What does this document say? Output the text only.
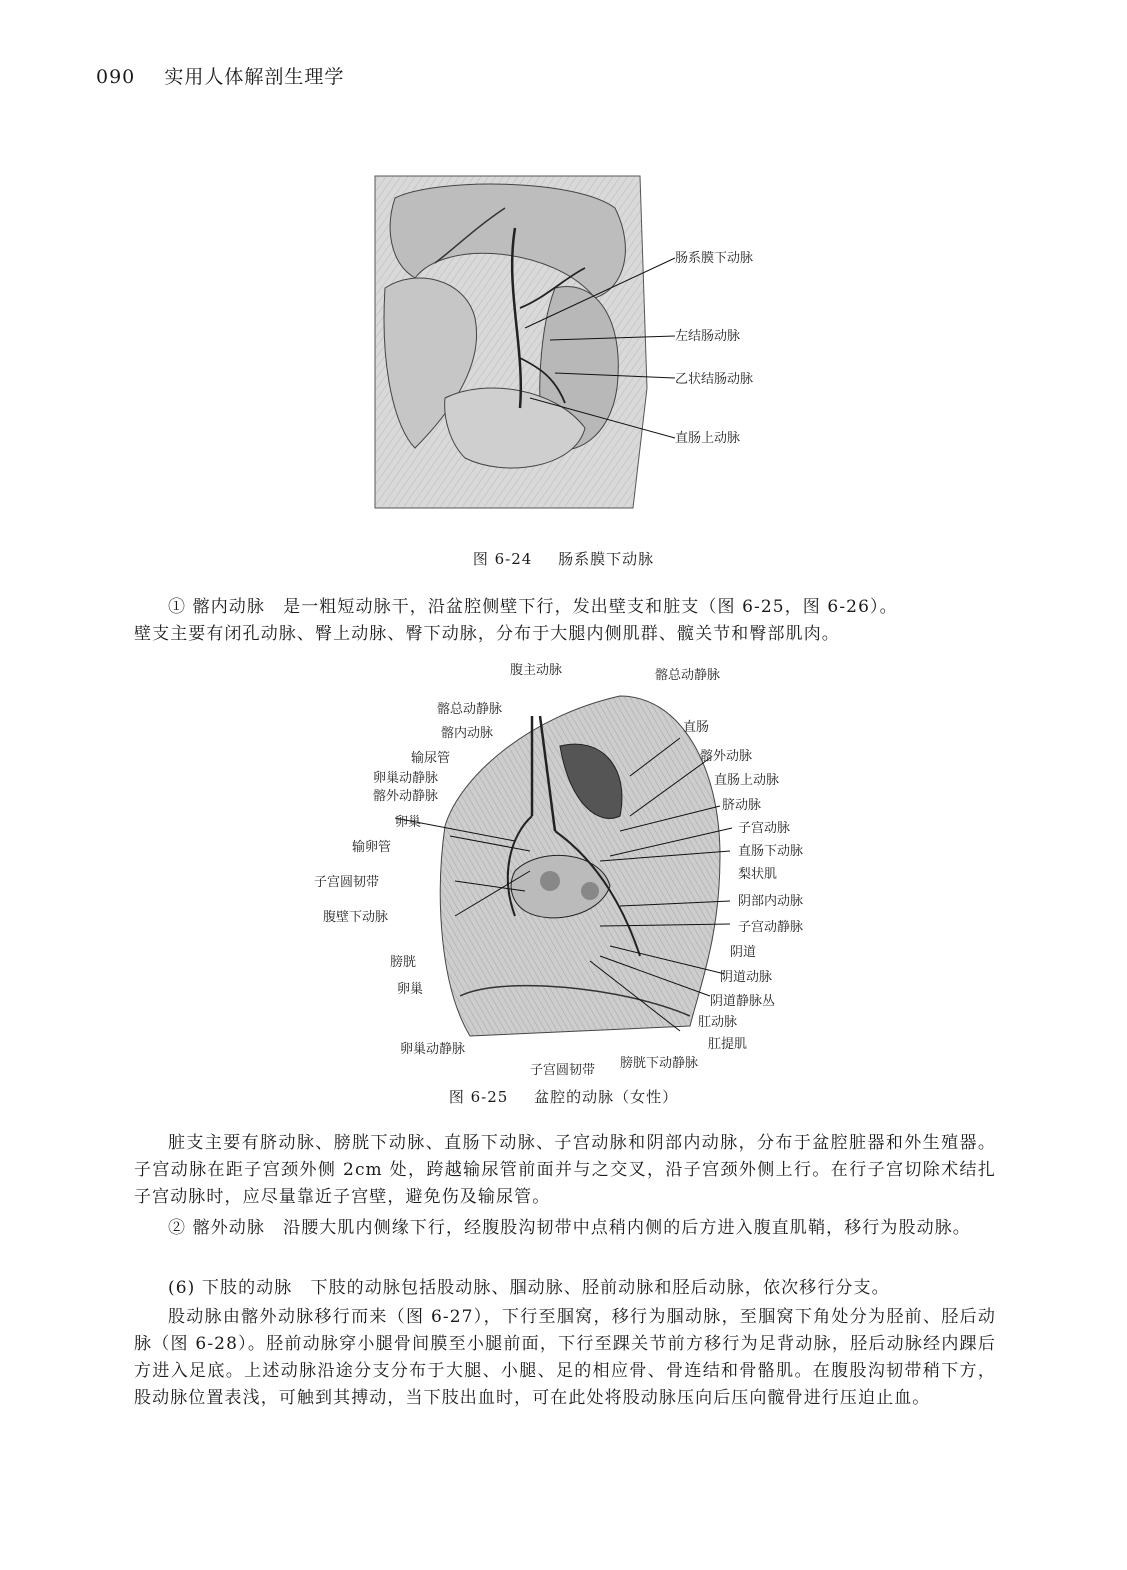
090 实用人体解剖生理学
肠系膜下动脉
左结肠动脉
乙状结肠动脉
直肠上动脉
图 6-24 肠系膜下动脉
① 髂内动脉　是一粗短动脉干，沿盆腔侧壁下行，发出壁支和脏支（图 6-25，图 6-26）。
壁支主要有闭孔动脉、臀上动脉、臀下动脉，分布于大腿内侧肌群、髋关节和臀部肌肉。
腹主动脉	髂总动静脉
髂总动静脉
髂内动脉
输尿管
卵巢动静脉
髂外动静脉
卵巢
输卵管
子宫圆韧带
腹壁下动脉
膀胱
卵巢
卵巢动静脉
直肠
髂外动脉
直肠上动脉
脐动脉
子宫动脉
直肠下动脉
梨状肌
阴部内动脉
子宫动静脉
阴道
阴道动脉
阴道静脉丛
肛动脉
肛提肌
子宫圆韧带 膀胱下动静脉
图 6-25 盆腔的动脉（女性）

脏支主要有脐动脉、膀胱下动脉、直肠下动脉、子宫动脉和阴部内动脉，分布于盆腔脏器和外生殖器。子宫动脉在距子宫颈外侧 2cm 处，跨越输尿管前面并与之交叉，沿子宫颈外侧上行。在行子宫切除术结扎子宫动脉时，应尽量靠近子宫壁，避免伤及输尿管。

② 髂外动脉　沿腰大肌内侧缘下行，经腹股沟韧带中点稍内侧的后方进入腹直肌鞘，移行为股动脉。

(6) 下肢的动脉　下肢的动脉包括股动脉、腘动脉、胫前动脉和胫后动脉，依次移行分支。

股动脉由髂外动脉移行而来（图 6-27），下行至腘窝，移行为腘动脉，至腘窝下角处分为胫前、胫后动脉（图 6-28）。胫前动脉穿小腿骨间膜至小腿前面，下行至踝关节前方移行为足背动脉，胫后动脉经内踝后方进入足底。上述动脉沿途分支分布于大腿、小腿、足的相应骨、骨连结和骨骼肌。在腹股沟韧带稍下方，股动脉位置表浅，可触到其搏动，当下肢出血时，可在此处将股动脉压向后压向髋骨进行压迫止血。
